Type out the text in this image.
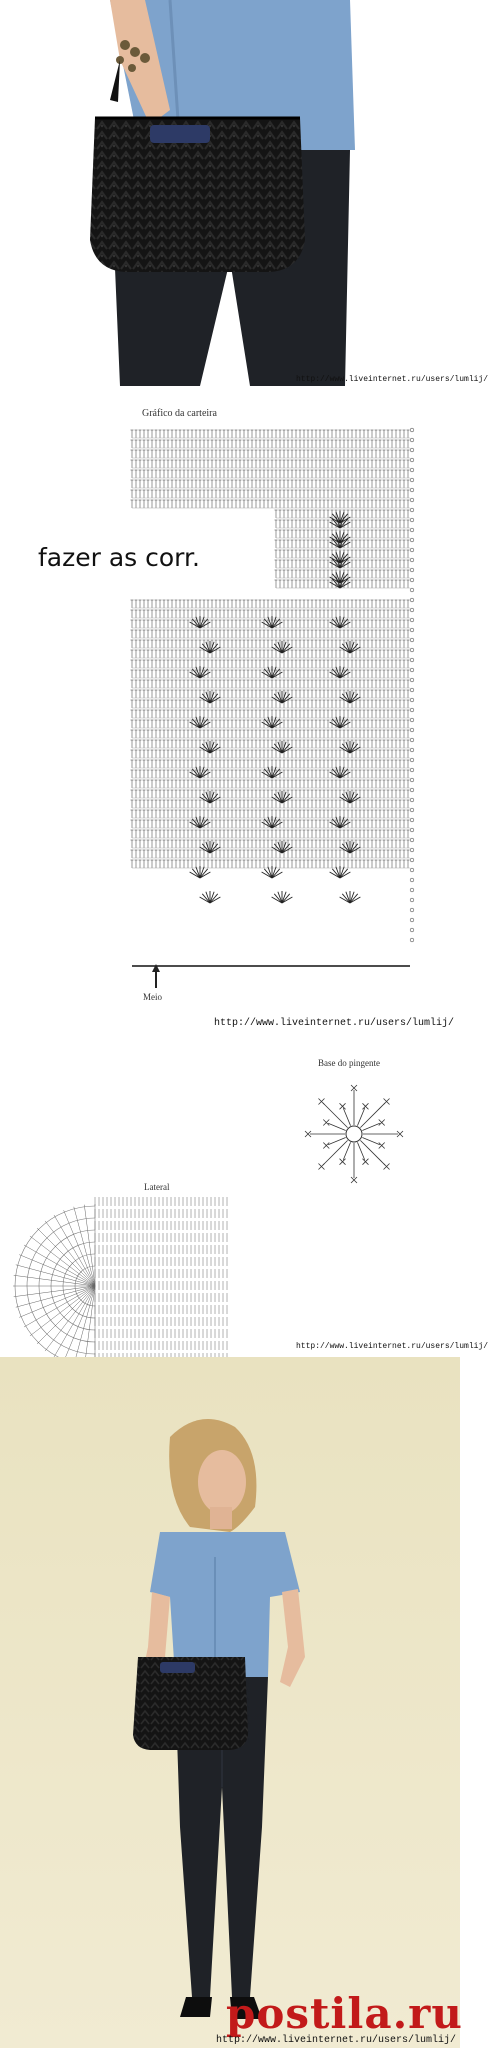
http://www.liveinternet.ru/users/lumlij/
Gráfico da carteira
fazer as corr.
Meio
http://www.liveinternet.ru/users/lumlij/
Base do pingente
Lateral
http://www.liveinternet.ru/users/lumlij/
postila.ru
http://www.liveinternet.ru/users/lumlij/
